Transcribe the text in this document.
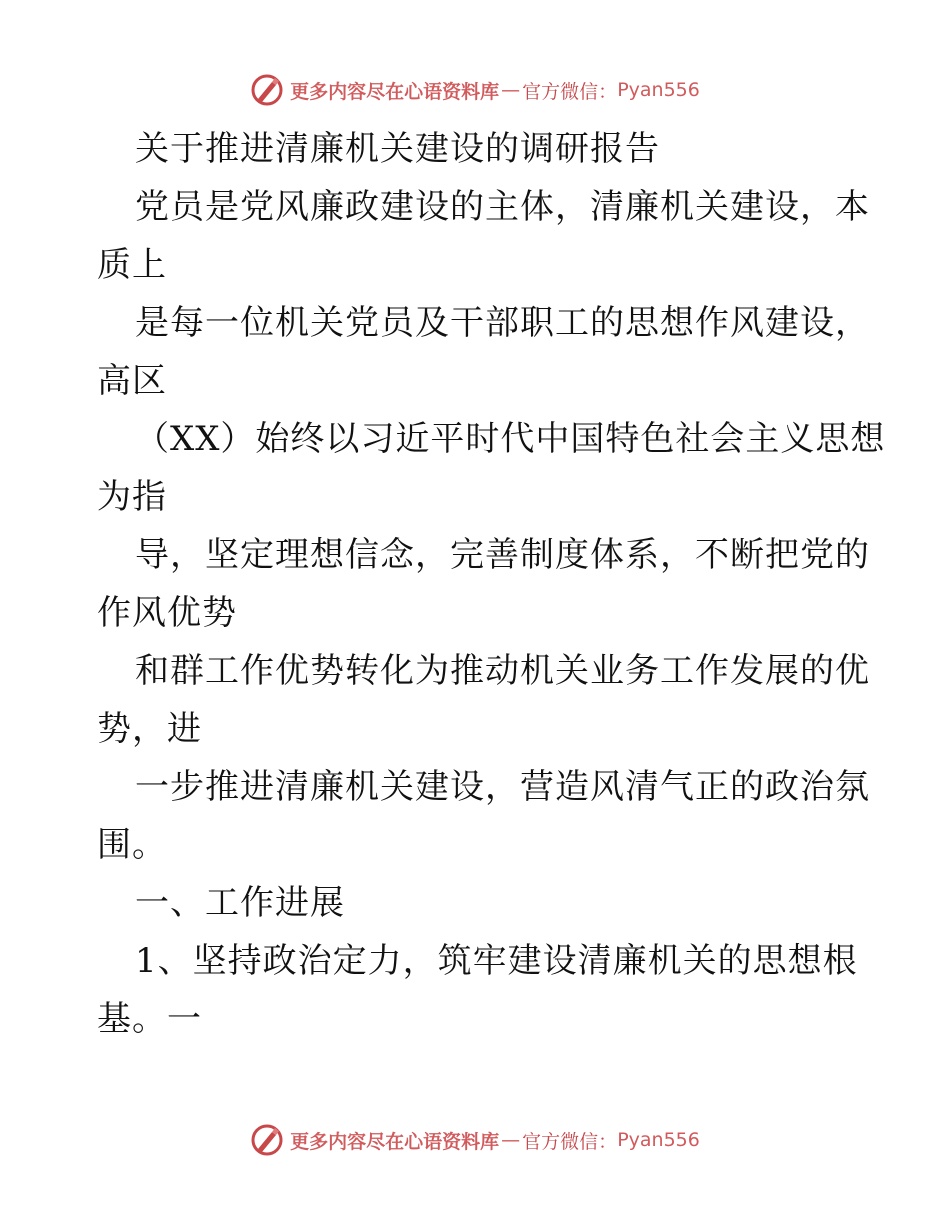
更多内容尽在心语资料库 — 官方微信： Pyan556
关于推进清廉机关建设的调研报告
党员是党风廉政建设的主体，清廉机关建设，本
质上
是每一位机关党员及干部职工的思想作风建设，
高区
（XX）始终以习近平时代中国特色社会主义思想
为指
导，坚定理想信念，完善制度体系，不断把党的
作风优势
和群工作优势转化为推动机关业务工作发展的优
势，进
一步推进清廉机关建设，营造风清气正的政治氛
围。
一、工作进展
1、坚持政治定力，筑牢建设清廉机关的思想根
基。一
更多内容尽在心语资料库 — 官方微信： Pyan556
